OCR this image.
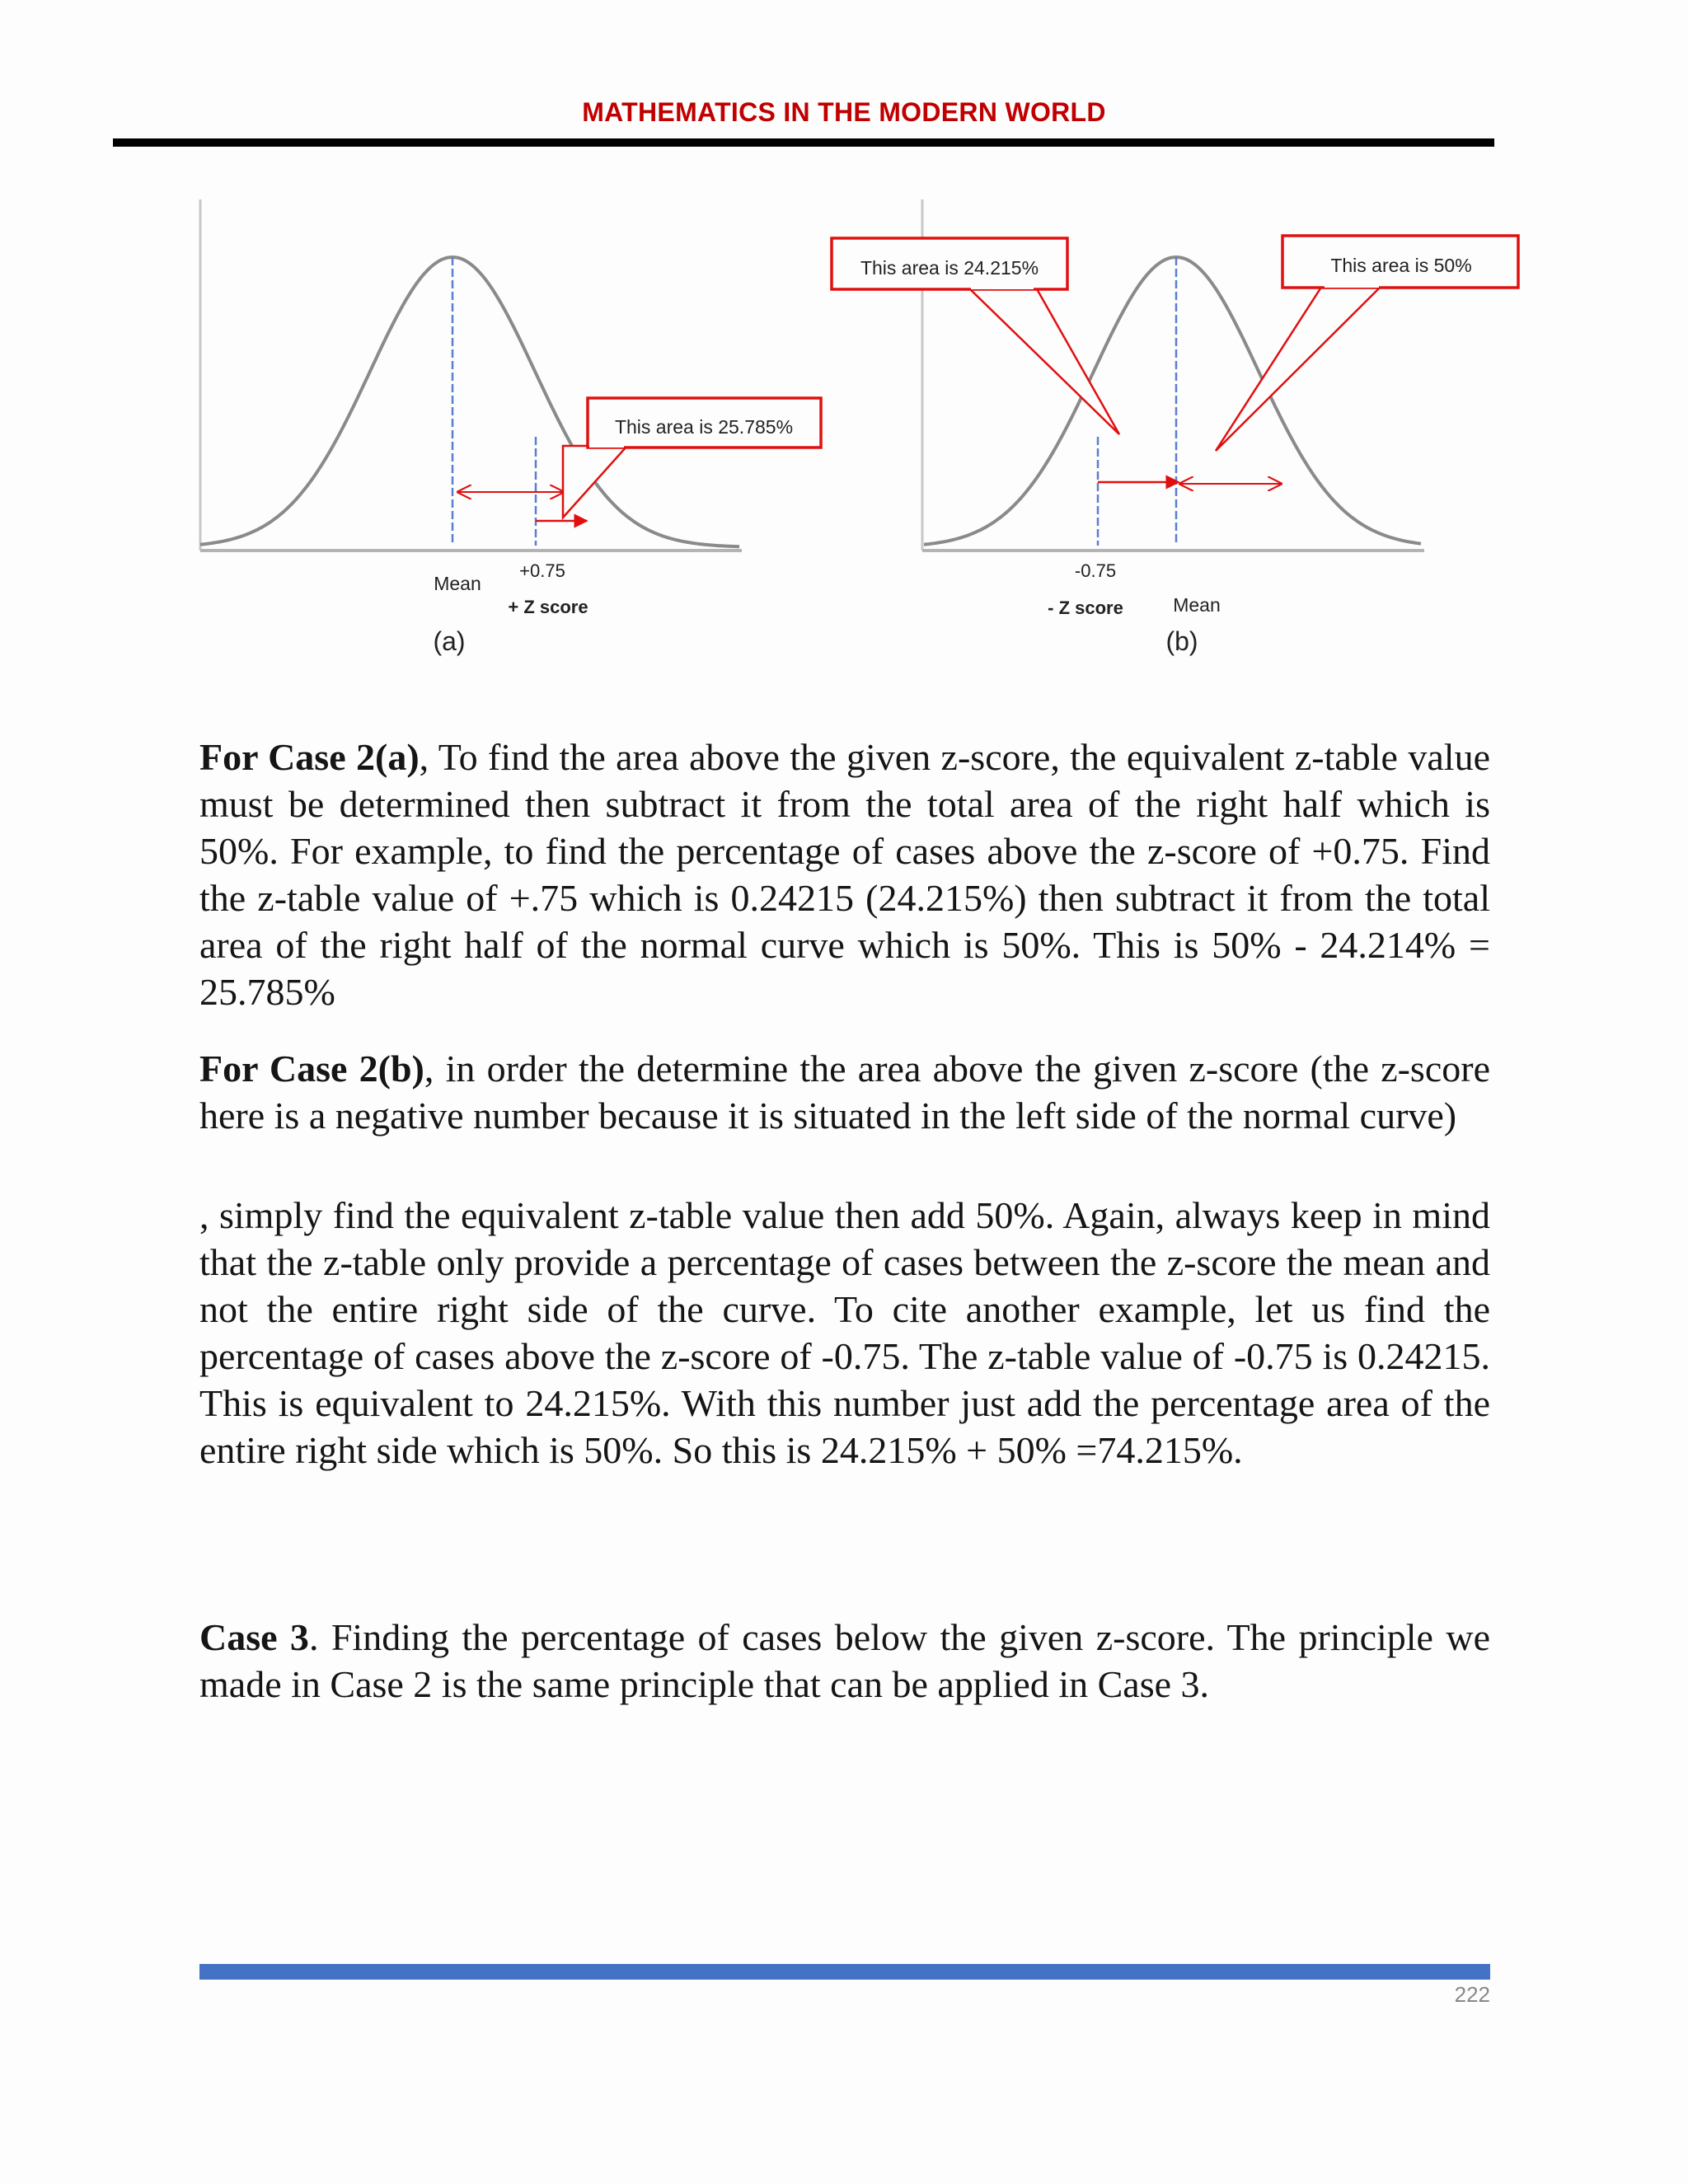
MATHEMATICS IN THE MODERN WORLD
This area is 25.785%
Mean
+0.75
+ Z score
(a)
This area is 24.215%	This area is 50%
-0.75
- Z score	Mean
(b)

For Case 2(a), To find the area above the given z-score, the equivalent z-table value must be determined then subtract it from the total area of the right half which is 50%. For example, to find the percentage of cases above the z-score of +0.75. Find the z-table value of +.75 which is 0.24215 (24.215%) then subtract it from the total area of the right half of the normal curve which is 50%. This is 50% - 24.214% = 25.785%

For Case 2(b), in order the determine the area above the given z-score (the z-score here is a negative number because it is situated in the left side of the normal curve)

, simply find the equivalent z-table value then add 50%. Again, always keep in mind that the z-table only provide a percentage of cases between the z-score the mean and not the entire right side of the curve. To cite another example, let us find the percentage of cases above the z-score of -0.75. The z-table value of -0.75 is 0.24215. This is equivalent to 24.215%. With this number just add the percentage area of the entire right side which is 50%. So this is 24.215% + 50% =74.215%.

Case 3. Finding the percentage of cases below the given z-score. The principle we made in Case 2 is the same principle that can be applied in Case 3.

222
